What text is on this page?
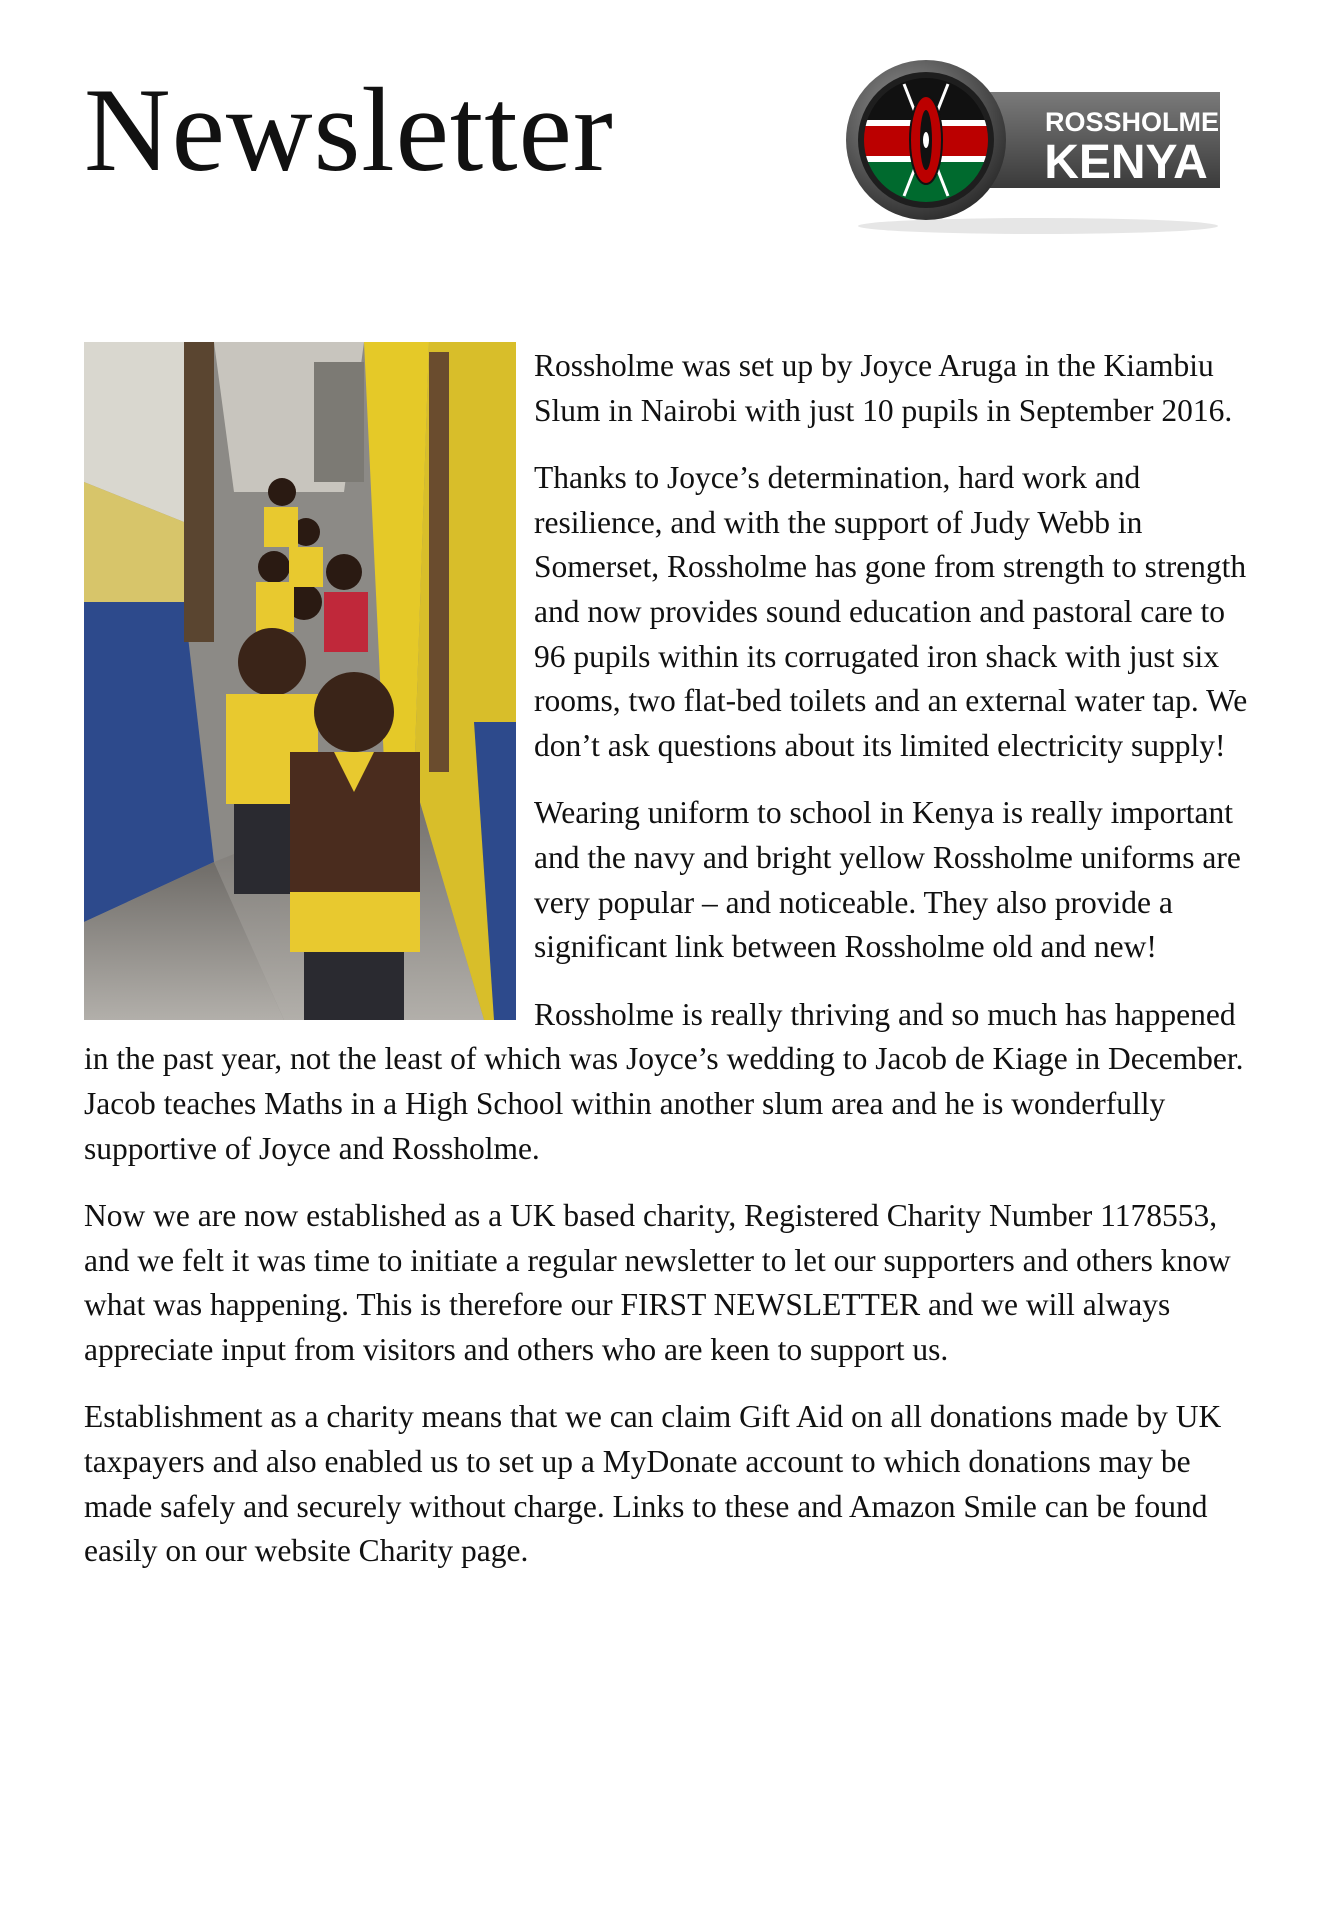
Newsletter	ROSSHOLME
KENYA

Rossholme was set up by Joyce Aruga in the Kiambiu Slum in Nairobi with just 10 pupils in September 2016.

Thanks to Joyce’s determination, hard work and resilience, and with the support of Judy Webb in Somerset, Rossholme has gone from strength to strength and now provides sound education and pastoral care to 96 pupils within its corrugated iron shack with just six rooms, two flat-bed toilets and an external water tap. We don’t ask questions about its limited electricity supply!

Wearing uniform to school in Kenya is really important and the navy and bright yellow Rossholme uniforms are very popular – and noticeable. They also provide a significant link between Rossholme old and new!

Rossholme is really thriving and so much has happened in the past year, not the least of which was Joyce’s wedding to Jacob de Kiage in December. Jacob teaches Maths in a High School within another slum area and he is wonderfully supportive of Joyce and Rossholme.

Now we are now established as a UK based charity, Registered Charity Number 1178553, and we felt it was time to initiate a regular newsletter to let our supporters and others know what was happening. This is therefore our FIRST NEWSLETTER and we will always appreciate input from visitors and others who are keen to support us.

Establishment as a charity means that we can claim Gift Aid on all donations made by UK taxpayers and also enabled us to set up a MyDonate account to which donations may be made safely and securely without charge. Links to these and Amazon Smile can be found easily on our website Charity page.
